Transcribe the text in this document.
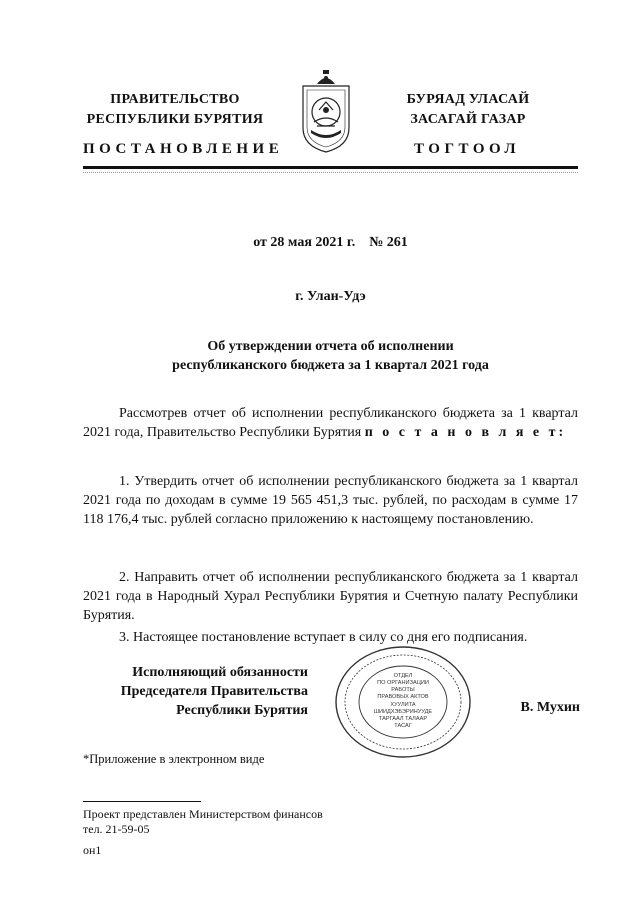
ПРАВИТЕЛЬСТВО
РЕСПУБЛИКИ БУРЯТИЯ
БУРЯАД УЛАСАЙ
ЗАСАГАЙ ГАЗАР
ПОСТАНОВЛЕНИЕ	ТОГТООЛ
от 28 мая 2021 г.    № 261
г. Улан-Удэ
Об утверждении отчета об исполнении
республиканского бюджета за 1 квартал 2021 года
Рассмотрев отчет об исполнении республиканского бюджета за 1 квартал 2021 года, Правительство Республики Бурятия п о с т а н о в л я е т:
1. Утвердить отчет об исполнении республиканского бюджета за 1 квартал 2021 года по доходам в сумме 19 565 451,3 тыс. рублей, по расходам в сумме 17 118 176,4 тыс. рублей согласно приложению к настоящему постановлению.
2. Направить отчет об исполнении республиканского бюджета за 1 квартал 2021 года в Народный Хурал Республики Бурятия и Счетную палату Республики Бурятия.
3. Настоящее постановление вступает в силу со дня его подписания.
Исполняющий обязанности
Председателя Правительства
Республики Бурятия
ОТДЕЛ
ПО ОРГАНИЗАЦИИ
РАБОТЫ
ПРАВОВЫХ АКТОВ
ХУУЛИТА
ШИИДХЭБЭРИНУУДЕ
ТАРГААЛ ТАЛААР
ТАСАГ
В. Мухин
*Приложение в электронном виде
Проект представлен Министерством финансов
тел. 21-59-05
он1
